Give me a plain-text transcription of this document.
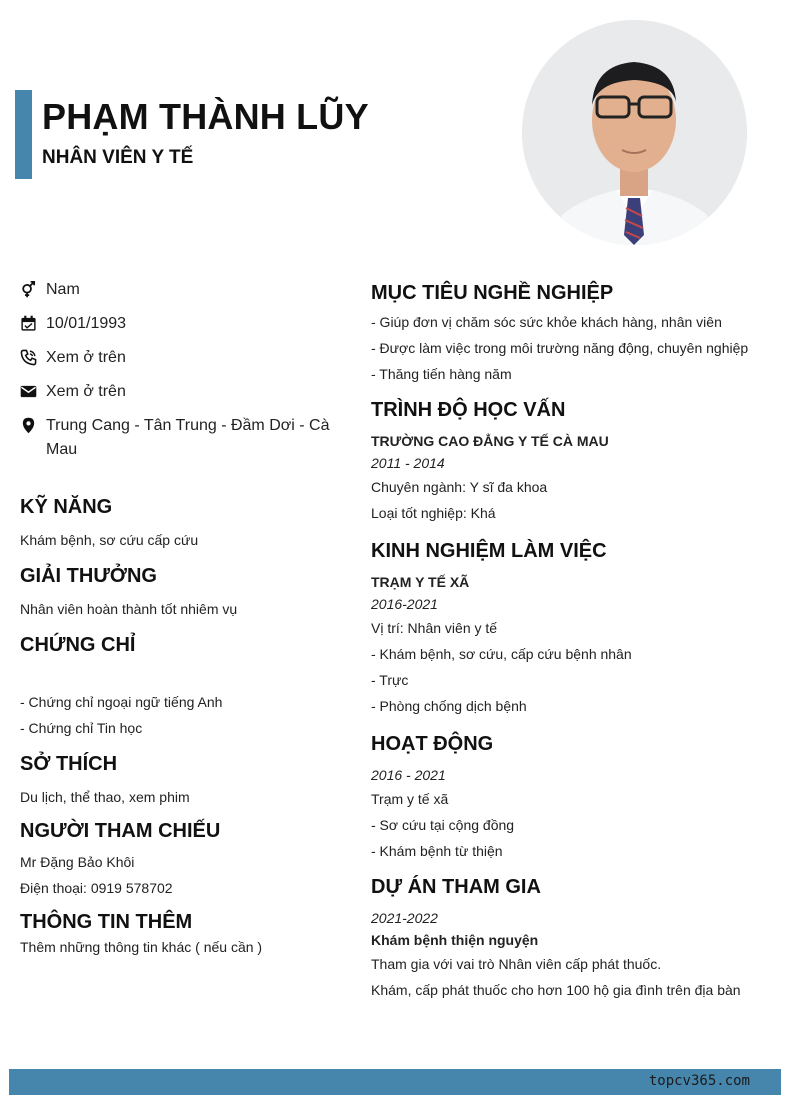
PHẠM THÀNH LŨY
NHÂN VIÊN Y TẾ
Nam
10/01/1993
Xem ở trên
Xem ở trên
Trung Cang - Tân Trung - Đầm Dơi - Cà Mau
KỸ NĂNG
Khám bệnh, sơ cứu cấp cứu
GIẢI THƯỞNG
Nhân viên hoàn thành tốt nhiêm vụ
CHỨNG CHỈ
- Chứng chỉ ngoại ngữ tiếng Anh
- Chứng chỉ Tin học
SỞ THÍCH
Du lịch, thể thao, xem phim
NGƯỜI THAM CHIẾU
Mr Đặng Bảo Khôi
Điện thoại: 0919 578702
THÔNG TIN THÊM
Thêm những thông tin khác ( nếu cần )
MỤC TIÊU NGHỀ NGHIỆP
- Giúp đơn vị chăm sóc sức khỏe khách hàng, nhân viên
- Được làm việc trong môi trường năng động, chuyên nghiệp
- Thăng tiến hàng năm
TRÌNH ĐỘ HỌC VẤN
TRƯỜNG CAO ĐẲNG Y TẾ CÀ MAU
2011 - 2014
Chuyên ngành: Y sĩ đa khoa
Loại tốt nghiệp: Khá
KINH NGHIỆM LÀM VIỆC
TRẠM Y TẾ XÃ
2016-2021
Vị trí: Nhân viên y tế
- Khám bệnh, sơ cứu, cấp cứu bệnh nhân
- Trực
- Phòng chống dịch bệnh
HOẠT ĐỘNG
2016 - 2021
Trạm y tế xã
- Sơ cứu tại cộng đồng
- Khám bệnh từ thiện
DỰ ÁN THAM GIA
2021-2022
Khám bệnh thiện nguyện
Tham gia với vai trò Nhân viên cấp phát thuốc.
Khám, cấp phát thuốc cho hơn 100 hộ gia đình trên địa bàn
topcv365.com
